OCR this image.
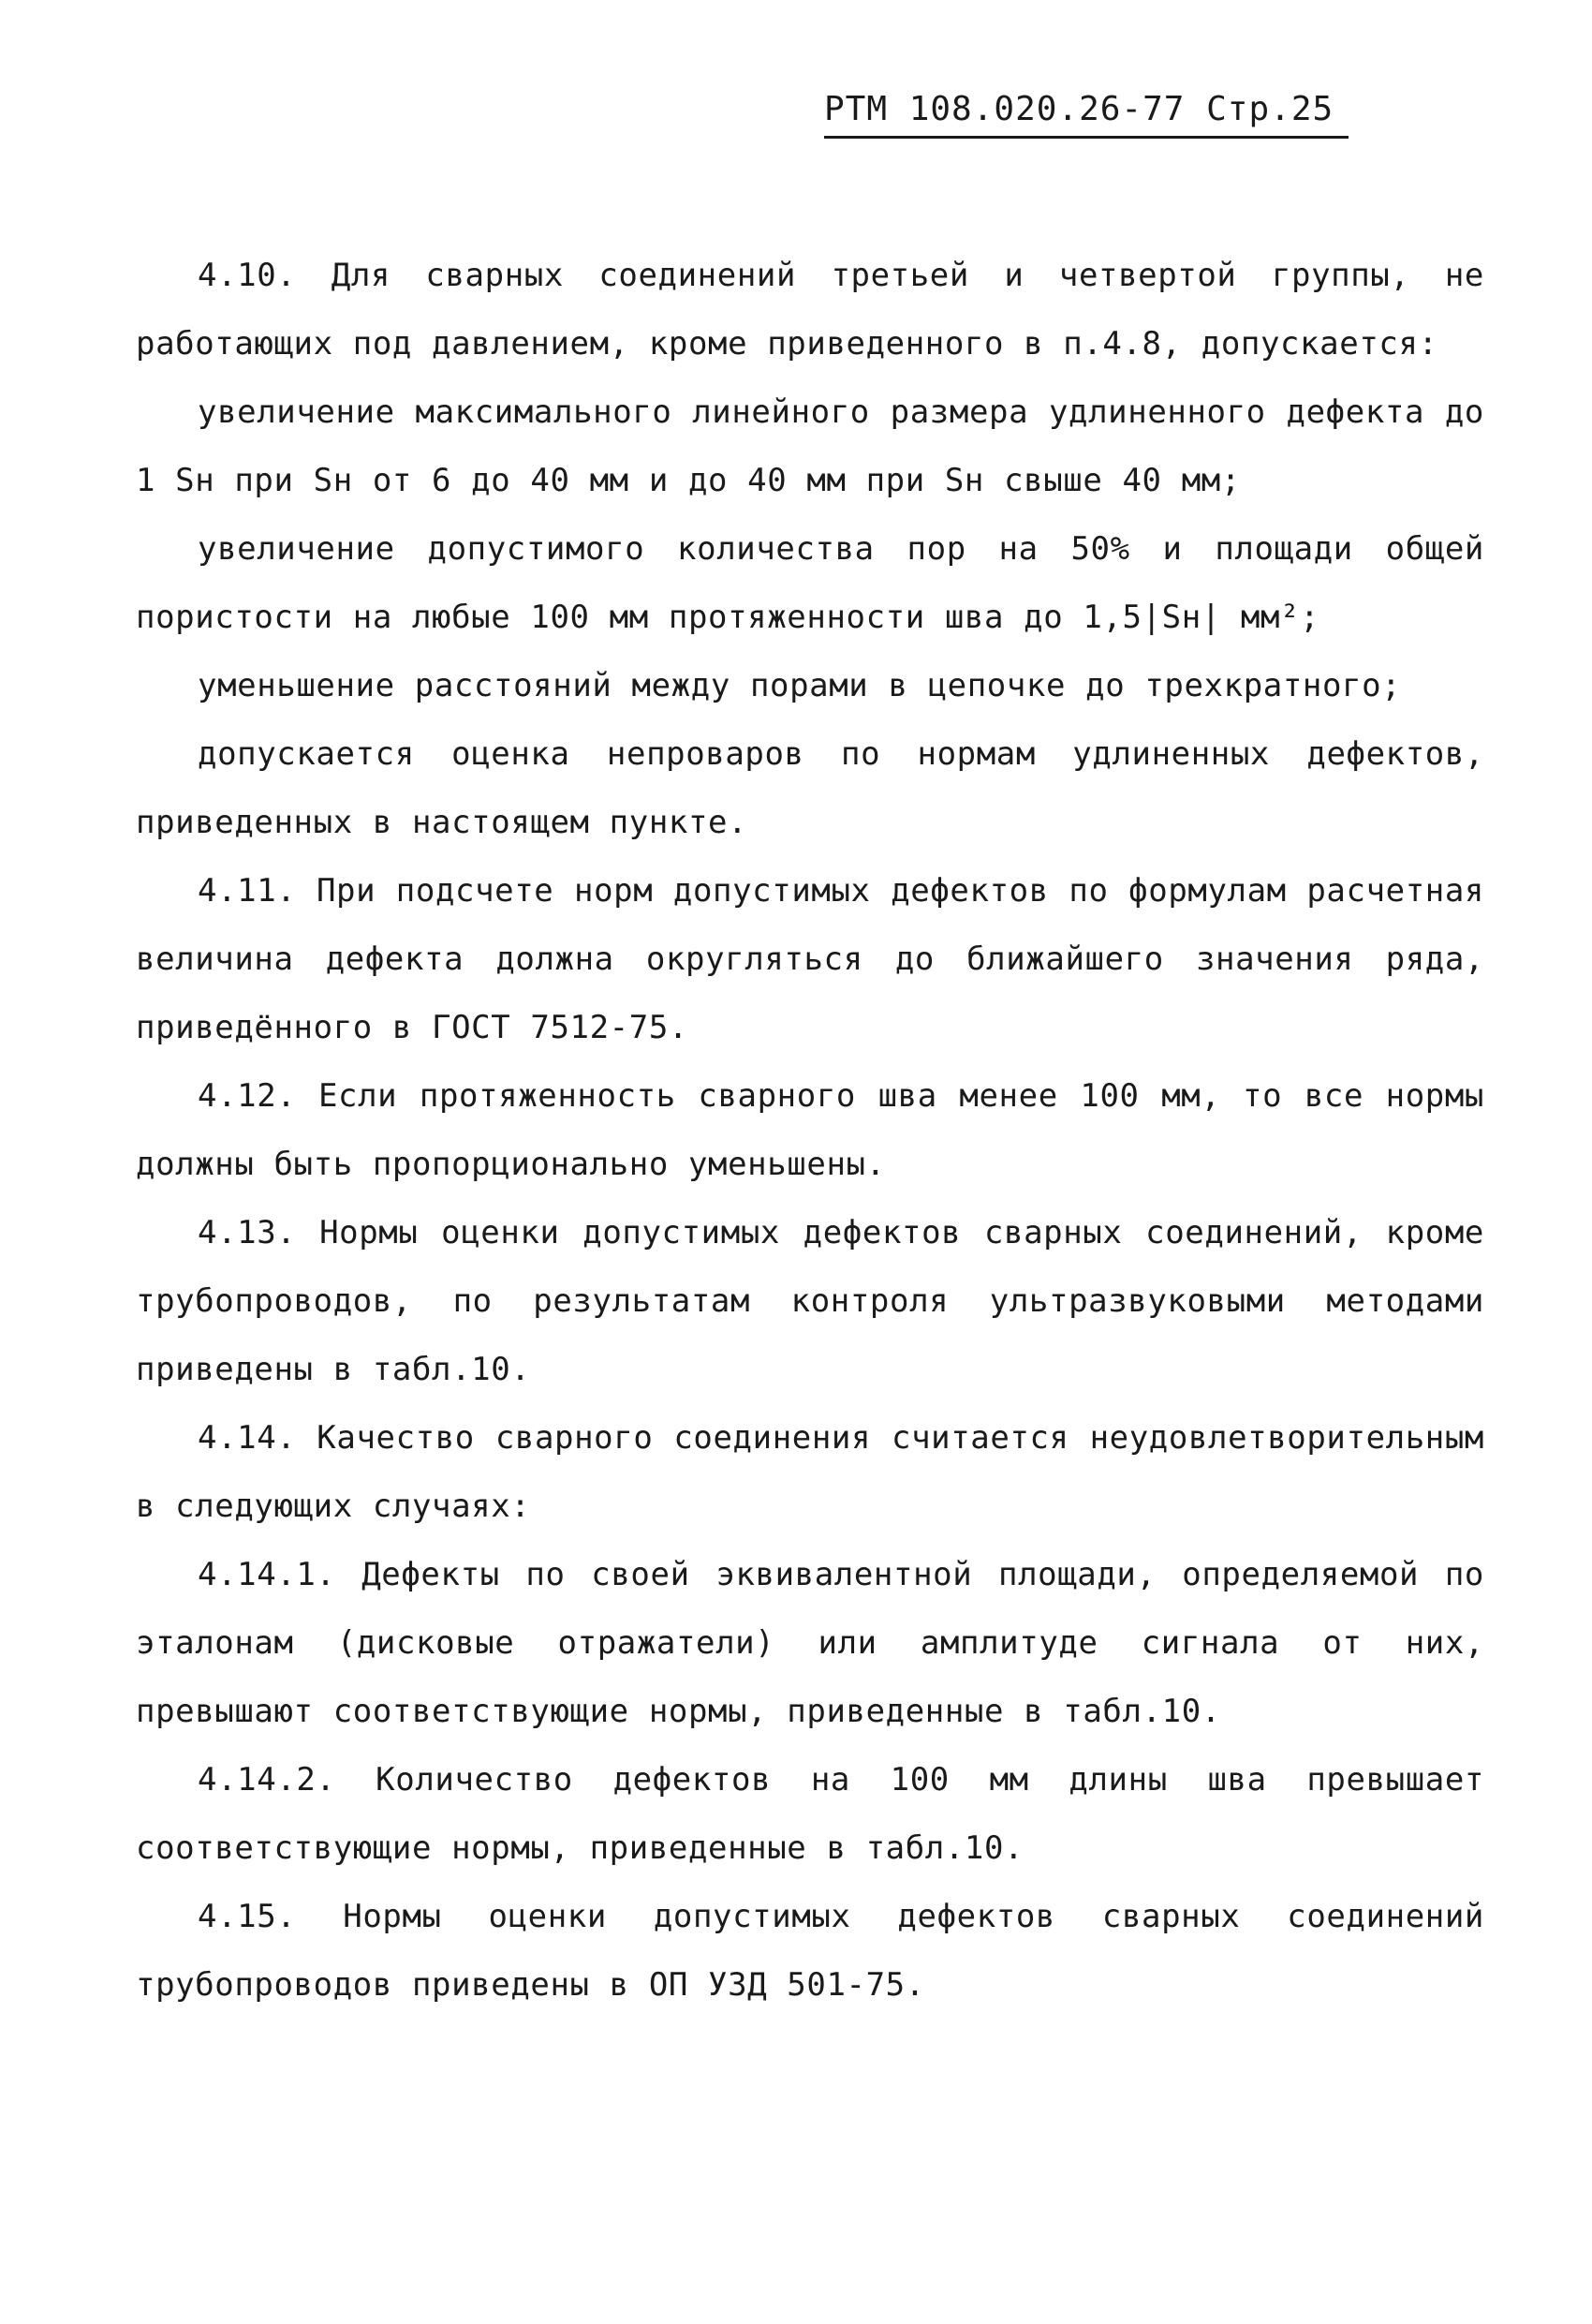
РТМ 108.020.26-77 Стр.25

4.10. Для сварных соединений третьей и четвертой группы, не работающих под давлением, кроме приведенного в п.4.8, допускается:

увеличение максимального линейного размера удлиненного дефекта до 1 Sн при Sн от 6 до 40 мм и до 40 мм при Sн свыше 40 мм;

увеличение допустимого количества пор на 50% и площади общей пористости на любые 100 мм протяженности шва до 1,5|Sн| мм²;

уменьшение расстояний между порами в цепочке до трехкратного;

допускается оценка непроваров по нормам удлиненных дефектов, приведенных в настоящем пункте.

4.11. При подсчете норм допустимых дефектов по формулам расчетная величина дефекта должна округляться до ближайшего значения ряда, приведённого в ГОСТ 7512-75.

4.12. Если протяженность сварного шва менее 100 мм, то все нормы должны быть пропорционально уменьшены.

4.13. Нормы оценки допустимых дефектов сварных соединений, кроме трубопроводов, по результатам контроля ультразвуковыми методами приведены в табл.10.

4.14. Качество сварного соединения считается неудовлетворительным в следующих случаях:

4.14.1. Дефекты по своей эквивалентной площади, определяемой по эталонам (дисковые отражатели) или амплитуде сигнала от них, превышают соответствующие нормы, приведенные в табл.10.

4.14.2. Количество дефектов на 100 мм длины шва превышает соответствующие нормы, приведенные в табл.10.

4.15. Нормы оценки допустимых дефектов сварных соединений трубопроводов приведены в ОП УЗД 501-75.
